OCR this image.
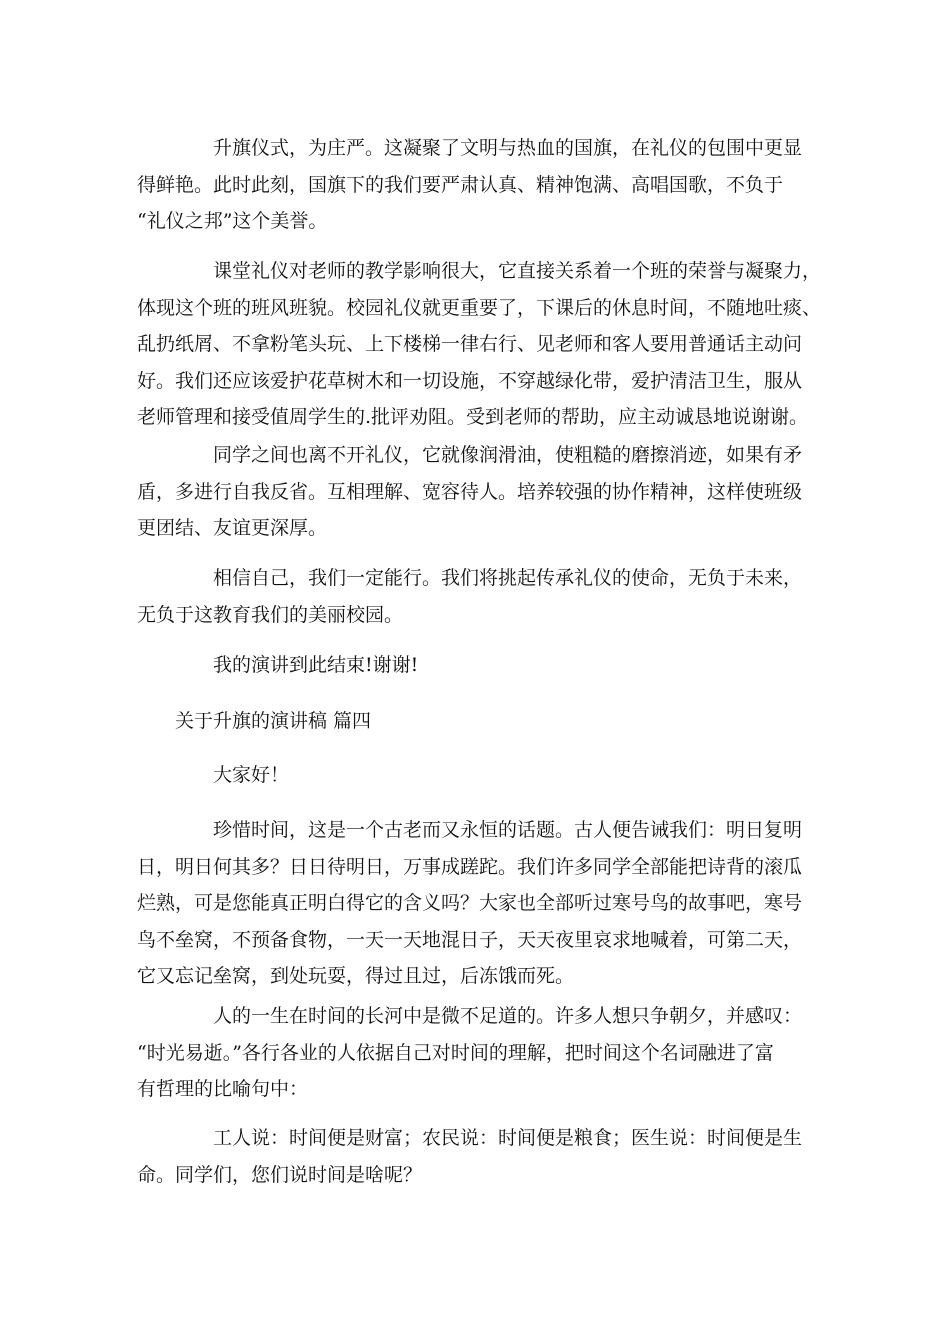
升旗仪式，为庄严。这凝聚了文明与热血的国旗，在礼仪的包围中更显
得鲜艳。此时此刻，国旗下的我们要严肃认真、精神饱满、高唱国歌，不负于
“礼仪之邦”这个美誉。
课堂礼仪对老师的教学影响很大，它直接关系着一个班的荣誉与凝聚力，
体现这个班的班风班貌。校园礼仪就更重要了，下课后的休息时间，不随地吐痰、
乱扔纸屑、不拿粉笔头玩、上下楼梯一律右行、见老师和客人要用普通话主动问
好。我们还应该爱护花草树木和一切设施，不穿越绿化带，爱护清洁卫生，服从
老师管理和接受值周学生的.批评劝阻。受到老师的帮助，应主动诚恳地说谢谢。
同学之间也离不开礼仪，它就像润滑油，使粗糙的磨擦消迹，如果有矛
盾，多进行自我反省。互相理解、宽容待人。培养较强的协作精神，这样使班级
更团结、友谊更深厚。
相信自己，我们一定能行。我们将挑起传承礼仪的使命，无负于未来，
无负于这教育我们的美丽校园。
我的演讲到此结束!谢谢!
关于升旗的演讲稿 篇四
大家好！
珍惜时间，这是一个古老而又永恒的话题。古人便告诫我们：明日复明
日，明日何其多？日日待明日，万事成蹉跎。我们许多同学全部能把诗背的滚瓜
烂熟，可是您能真正明白得它的含义吗？大家也全部听过寒号鸟的故事吧，寒号
鸟不垒窝，不预备食物，一天一天地混日子，天天夜里哀求地喊着，可第二天，
它又忘记垒窝，到处玩耍，得过且过，后冻饿而死。
人的一生在时间的长河中是微不足道的。许多人想只争朝夕，并感叹：
“时光易逝。”各行各业的人依据自己对时间的理解，把时间这个名词融进了富
有哲理的比喻句中：
工人说：时间便是财富；农民说：时间便是粮食；医生说：时间便是生
命。同学们，您们说时间是啥呢？
